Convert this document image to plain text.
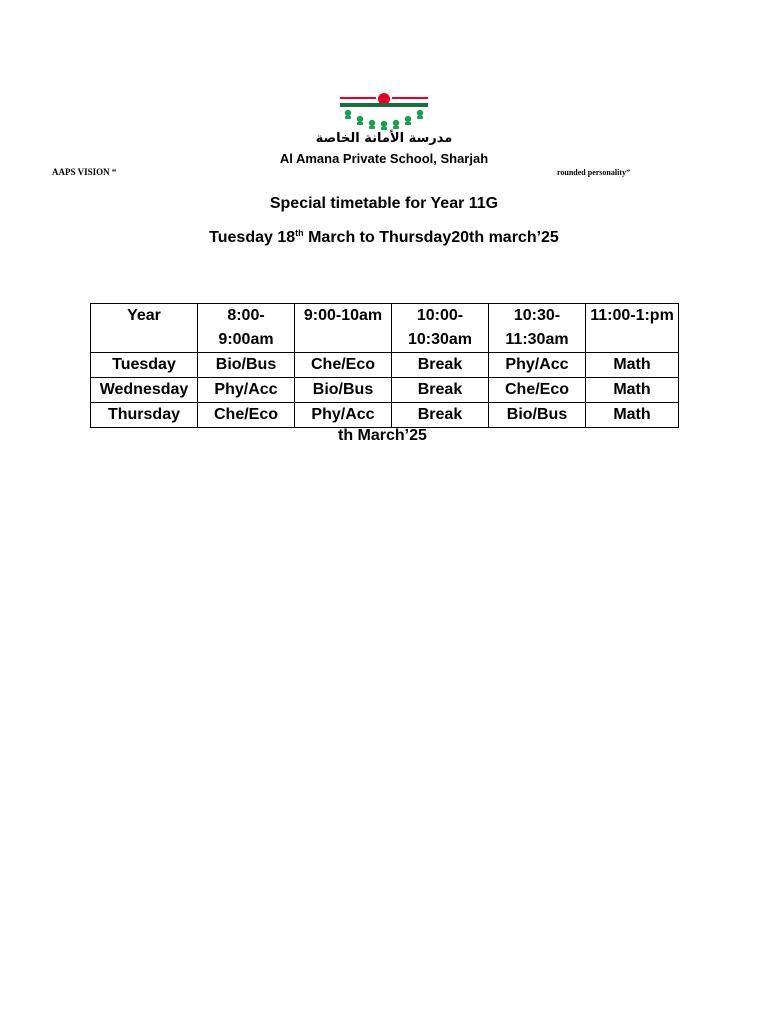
مدرسة الأمانة الخاصة
Al Amana Private School, Sharjah
AAPS VISION “	rounded personality”
Special timetable for Year 11G
Tuesday 18th March to Thursday20th march’25
Year	8:00-9:00am	9:00-10am	10:00-10:30am	10:30-11:30am	11:00-1:pm
Tuesday	Bio/Bus	Che/Eco	Break	Phy/Acc	Math
Wednesday	Phy/Acc	Bio/Bus	Break	Che/Eco	Math
Thursday	Che/Eco	Phy/Acc	Break	Bio/Bus	Math
th March’25
